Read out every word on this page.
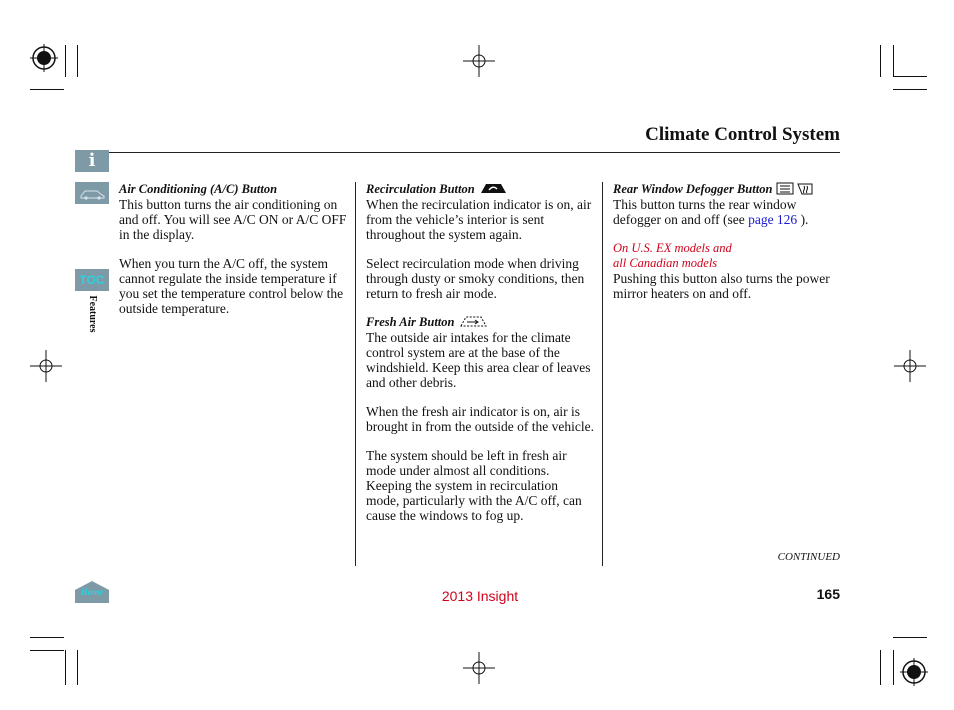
Climate Control System
i
TOC
Features
Home
Air Conditioning (A/C) Button

This button turns the air conditioning on and off. You will see A/C ON or A/C OFF in the display.

When you turn the A/C off, the system cannot regulate the inside temperature if you set the temperature control below the outside temperature.

Recirculation Button

When the recirculation indicator is on, air from the vehicle’s interior is sent throughout the system again.

Select recirculation mode when driving through dusty or smoky conditions, then return to fresh air mode.

Fresh Air Button

The outside air intakes for the climate control system are at the base of the windshield. Keep this area clear of leaves and other debris.

When the fresh air indicator is on, air is brought in from the outside of the vehicle.

The system should be left in fresh air mode under almost all conditions. Keeping the system in recirculation mode, particularly with the A/C off, can cause the windows to fog up.

Rear Window Defogger Button

This button turns the rear window defogger on and off (see page 126 ).

On U.S. EX models and
all Canadian models

Pushing this button also turns the power mirror heaters on and off.

CONTINUED
2013 Insight	165
